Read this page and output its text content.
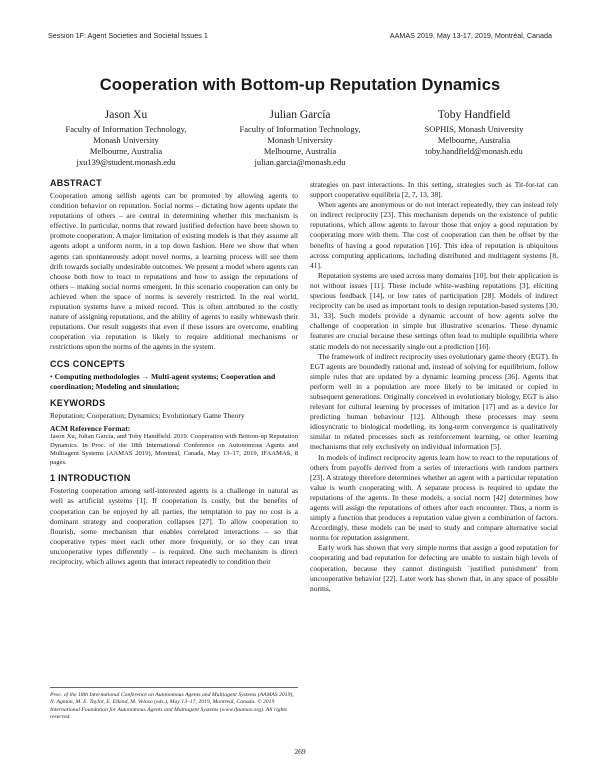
Session 1F: Agent Societies and Societal Issues 1	AAMAS 2019, May 13-17, 2019, Montréal, Canada
Cooperation with Bottom-up Reputation Dynamics
Jason Xu
Faculty of Information Technology,
Monash University
Melbourne, Australia
jxu139@student.monash.edu
Julian García
Faculty of Information Technology,
Monash University
Melbourne, Australia
julian.garcia@monash.edu
Toby Handfield
SOPHIS, Monash University
Melbourne, Australia
toby.handfield@monash.edu
ABSTRACT

Cooperation among selfish agents can be promoted by allowing agents to condition behavior on reputation. Social norms – dictating how agents update the reputations of others – are central in determining whether this mechanism is effective. In particular, norms that reward justified defection have been shown to promote cooperation. A major limitation of existing models is that they assume all agents adopt a uniform norm, in a top down fashion. Here we show that when agents can spontaneously adopt novel norms, a learning process will see them drift towards socially undesirable outcomes. We present a model where agents can choose both how to react to reputations and how to assign the reputations of others – making social norms emergent. In this scenario cooperation can only be achieved when the space of norms is severely restricted. In the real world, reputation systems have a mixed record. This is often attributed to the costly nature of assigning reputations, and the ability of agents to easily whitewash their reputations. Our result suggests that even if these issues are overcome, enabling cooperation via reputation is likely to require additional mechanisms or restrictions upon the norms of the agents in the system.

CCS CONCEPTS
• Computing methodologies → Multi-agent systems; Cooperation and coordination; Modeling and simulation;
KEYWORDS

Reputation; Cooperation; Dynamics; Evolutionary Game Theory

ACM Reference Format:
Jason Xu, Julian García, and Toby Handfield. 2019. Cooperation with Bottom-up Reputation Dynamics. In Proc. of the 18th International Conference on Autonomous Agents and Multiagent Systems (AAMAS 2019), Montreal, Canada, May 13–17, 2019, IFAAMAS, 8 pages.
1 INTRODUCTION

Fostering cooperation among self-interested agents is a challenge in natural as well as artificial systems [1]. If cooperation is costly, but the benefits of cooperation can be enjoyed by all parties, the temptation to pay no cost is a dominant strategy and cooperation collapses [27]. To allow cooperation to flourish, some mechanism that enables correlated interactions – so that cooperative types meet each other more frequently, or so they can treat uncooperative types differently – is required. One such mechanism is direct reciprocity, which allows agents that interact repeatedly to condition their

Proc. of the 18th International Conference on Autonomous Agents and Multiagent Systems (AAMAS 2019), N. Agmon, M. E. Taylor, E. Elkind, M. Veloso (eds.), May 13–17, 2019, Montreal, Canada. © 2019 International Foundation for Autonomous Agents and Multiagent Systems (www.ifaamas.org). All rights reserved.

strategies on past interactions. In this setting, strategies such as Tit-for-tat can support cooperative equilibria [2, 7, 13, 38].

When agents are anonymous or do not interact repeatedly, they can instead rely on indirect reciprocity [23]. This mechanism depends on the existence of public reputations, which allow agents to favour those that enjoy a good reputation by cooperating more with them. The cost of cooperation can then be offset by the benefits of having a good reputation [16]. This idea of reputation is ubiquitous across computing applications, including distributed and multiagent systems [8, 41].

Reputation systems are used across many domains [10], but their application is not without issues [11]. These include white-washing reputations [3], eliciting specious feedback [14], or low rates of participation [28]. Models of indirect reciprocity can be used as important tools to design reputation-based systems [30, 31, 33]. Such models provide a dynamic account of how agents solve the challenge of cooperation in simple but illustrative scenarios. These dynamic features are crucial because these settings often lead to multiple equilibria where static models do not necessarily single out a prediction [16].

The framework of indirect reciprocity uses evolutionary game theory (EGT). In EGT agents are boundedly rational and, instead of solving for equilibrium, follow simple rules that are updated by a dynamic learning process [36]. Agents that perform well in a population are more likely to be imitated or copied in subsequent generations. Originally conceived in evolutionary biology, EGT is also relevant for cultural learning by processes of imitation [17] and as a device for predicting human behaviour [12]. Although these processes may seem idiosyncratic to biological modelling, its long-term convergence is qualitatively similar to related processes such as reinforcement learning, or other learning mechanisms that rely exclusively on individual information [5].

In models of indirect reciprocity agents learn how to react to the reputations of others from payoffs derived from a series of interactions with random partners [23]. A strategy therefore determines whether an agent with a particular reputation value is worth cooperating with. A separate process is required to update the reputations of the agents. In these models, a social norm [42] determines how agents will assign the reputations of others after each encounter. Thus, a norm is simply a function that produces a reputation value given a combination of factors. Accordingly, these models can be used to study and compare alternative social norms for reputation assignment.

Early work has shown that very simple norms that assign a good reputation for cooperating and bad reputation for defecting are unable to sustain high levels of cooperation, because they cannot distinguish `justified punishment' from uncooperative behavior [22]. Later work has shown that, in any space of possible norms,

269
